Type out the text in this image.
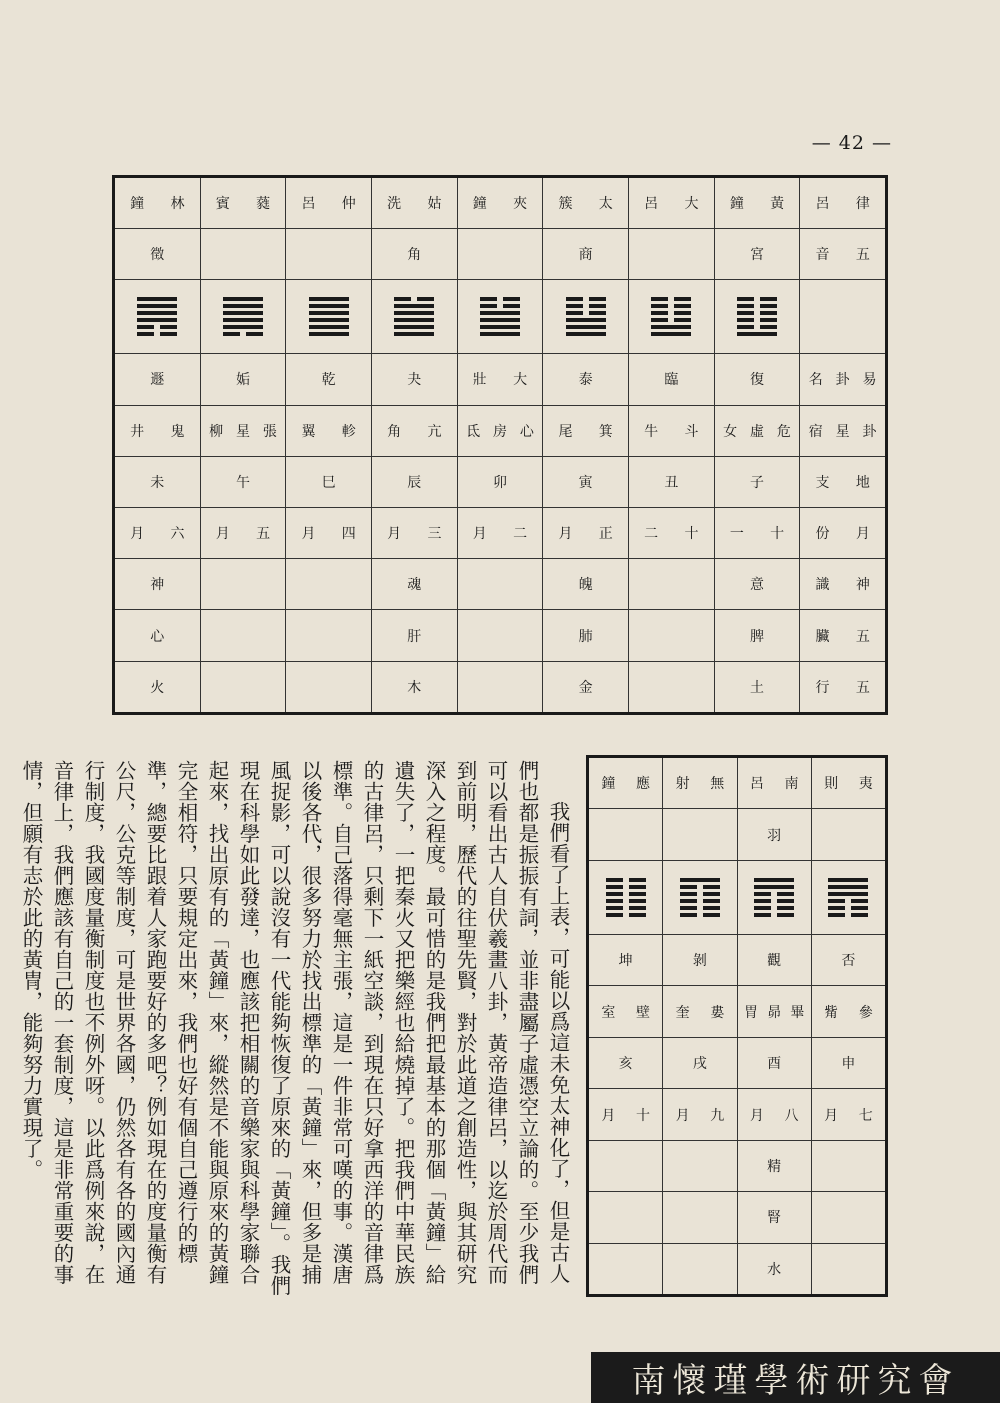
— 42 —
律
呂
五
音
易
卦
名
卦
星
宿
地
支
月
份
神
識
五
臟
五
行
黃
鐘
宮
復
危
虛
女
子
十
一
意
脾
土
大
呂
臨
斗
牛
丑
十
二
太
簇
商
泰
箕
尾
寅
正
月
魄
肺
金
夾
鐘
大
壯
心
房
氐
卯
二
月
姑
洗
角
夬
亢
角
辰
三
月
魂
肝
木
仲
呂
乾
軫
翼
巳
四
月
蕤
賓
姤
張
星
柳
午
五
月
林
鐘
徵
遯
鬼
井
未
六
月
神
心
火
夷
則
否
參
觜
申
七
月
南
呂
羽
觀
畢
昴
胃
酉
八
月
精
腎
水
無
射
剝
婁
奎
戌
九
月
應
鐘
坤
壁
室
亥
十
月

我們看了上表，可能以爲這未免太神化了，但是古人們也都是振振有詞，並非盡屬子虛憑空立論的。至少我們可以看出古人自伏羲畫八卦，黃帝造律呂，以迄於周代而到前明，歷代的往聖先賢，對於此道之創造性，與其研究深入之程度。最可惜的是我們把最基本的那個「黃鐘」給遺失了，一把秦火又把樂經也給燒掉了。把我們中華民族的古律呂，只剩下一紙空談，到現在只好拿西洋的音律爲標準。自己落得毫無主張，這是一件非常可嘆的事。漢唐以後各代，很多努力於找出標準的「黃鐘」來，但多是捕風捉影，可以說沒有一代能夠恢復了原來的「黃鐘」。我們現在科學如此發達，也應該把相關的音樂家與科學家聯合起來，找出原有的「黃鐘」來，縱然是不能與原來的黃鐘完全相符，只要規定出來，我們也好有個自己遵行的標準，總要比跟着人家跑要好的多吧？例如現在的度量衡有公尺，公克等制度，可是世界各國，仍然各有各的國內通行制度，我國度量衡制度也不例外呀。以此爲例來說，在音律上，我們應該有自己的一套制度，這是非常重要的事情，但願有志於此的黃冑，能夠努力實現了。

南懷瑾學術研究會
